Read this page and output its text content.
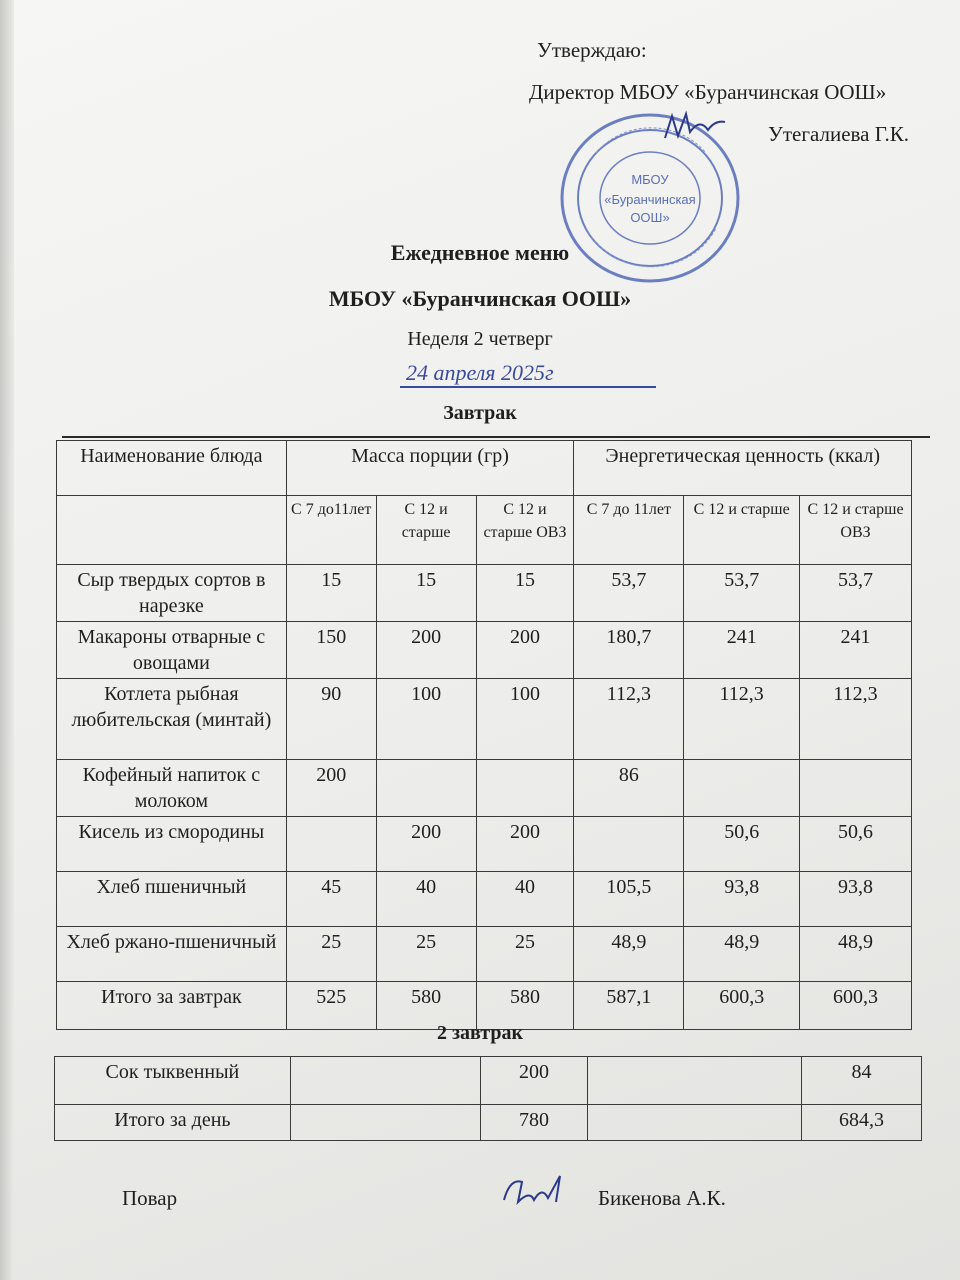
Утверждаю:
Директор МБОУ «Буранчинская ООШ»
Утегалиева Г.К.
МБОУ
«Буранчинская
ООШ»
Ежедневное меню
МБОУ «Буранчинская ООШ»
Неделя 2 четверг
24 апреля 2025г
Завтрак
Наименование блюда	Массa порции (гр)			Энергетическая ценность (ккал)		
	С 7 до11лет	С 12 и старше	С 12 и старше ОВЗ	С 7 до 11лет	С 12 и старше	С 12 и старше ОВЗ
Сыр твердых сортов в нарезке	15	15	15	53,7	53,7	53,7
Макароны отварные с овощами	150	200	200	180,7	241	241
Котлета рыбная любительская (минтай)	90	100	100	112,3	112,3	112,3
Кофейный напиток с молоком	200			86		
Кисель из смородины		200	200		50,6	50,6
Хлеб пшеничный	45	40	40	105,5	93,8	93,8
Хлеб ржано-пшеничный	25	25	25	48,9	48,9	48,9
Итого за завтрак	525	580	580	587,1	600,3	600,3
2 завтрак
Сок тыквенный		200		84
Итого за день		780		684,3
Повар	Бикенова А.К.
